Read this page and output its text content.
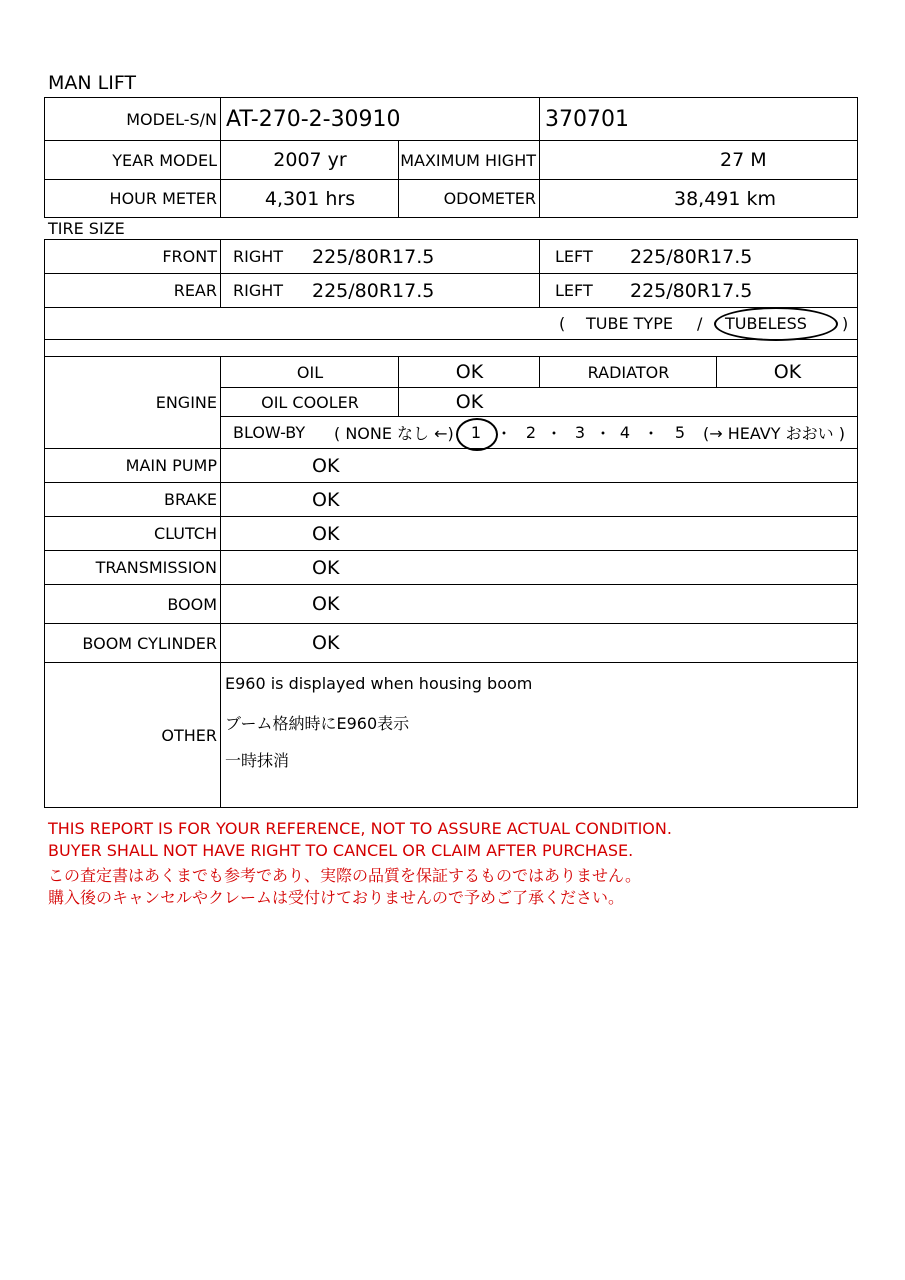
MAN LIFT
MODEL-S/N AT-270-2-30910	370701
YEAR MODEL	2007 yr	MAXIMUM HIGHT	27 M
HOUR METER	4,301 hrs	ODOMETER	38,491 km
TIRE SIZE
FRONT RIGHT 225/80R17.5	LEFT 225/80R17.5
REAR RIGHT 225/80R17.5	LEFT 225/80R17.5
( TUBE TYPE / TUBELESS )
ENGINE
OIL	OK	RADIATOR	OK
OIL COOLER	OK
BLOW-BY ( NONE なし ←) 1 ・ 2 ・ 3 ・ 4 ・ 5 (→ HEAVY おおい )
MAIN PUMP	OK
BRAKE	OK
CLUTCH	OK
TRANSMISSION	OK
BOOM	OK
BOOM CYLINDER	OK
OTHER
E960 is displayed when housing boom
ブーム格納時にE960表示
一時抹消
THIS REPORT IS FOR YOUR REFERENCE, NOT TO ASSURE ACTUAL CONDITION.
BUYER SHALL NOT HAVE RIGHT TO CANCEL OR CLAIM AFTER PURCHASE.
この査定書はあくまでも参考であり、実際の品質を保証するものではありません。
購入後のキャンセルやクレームは受付けておりませんので予めご了承ください。
